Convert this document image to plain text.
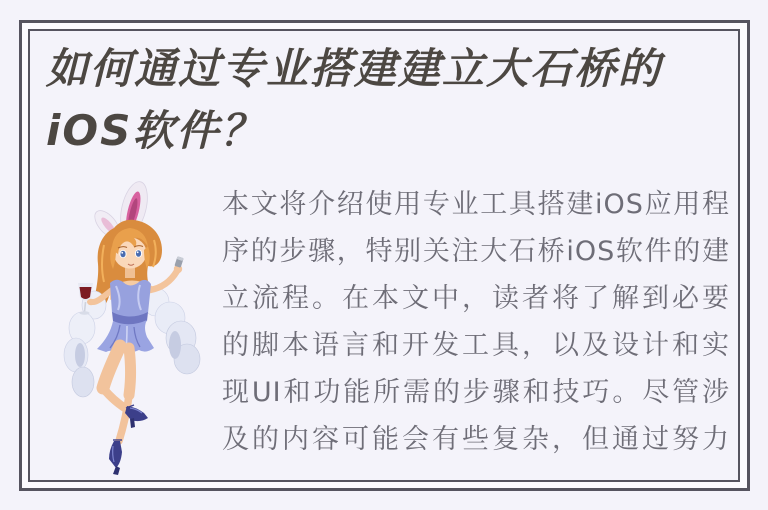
如何通过专业搭建建立大石桥的iOS软件？
本文将介绍使用专业工具搭建iOS应用程
序的步骤，特别关注大石桥iOS软件的建
立流程。在本文中，读者将了解到必要
的脚本语言和开发工具，以及设计和实
现UI和功能所需的步骤和技巧。尽管涉
及的内容可能会有些复杂，但通过努力
